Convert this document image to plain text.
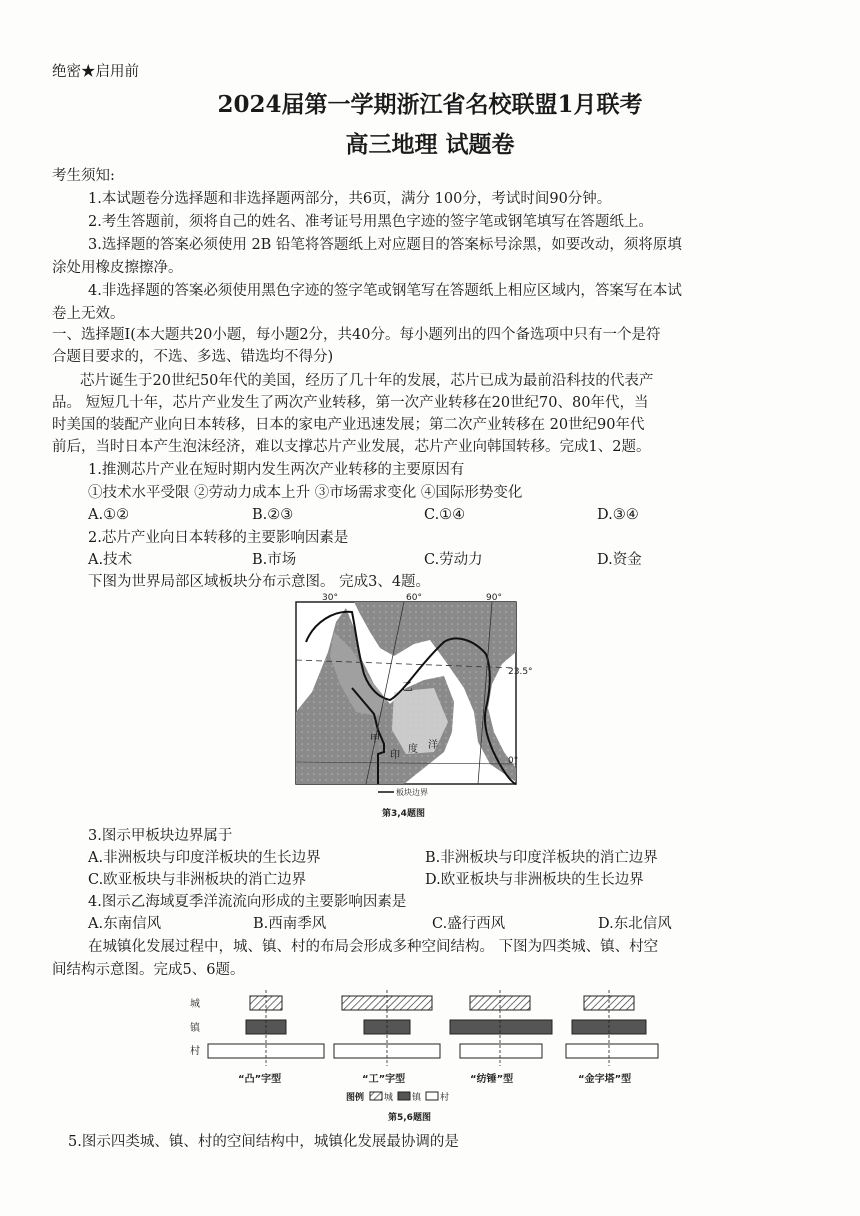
绝密★启用前
2024届第一学期浙江省名校联盟1月联考
高三地理 试题卷
考生须知:
1.本试题卷分选择题和非选择题两部分，共6页，满分 100分，考试时间90分钟。
2.考生答题前，须将自己的姓名、准考证号用黑色字迹的签字笔或钢笔填写在答题纸上。
3.选择题的答案必须使用 2B 铅笔将答题纸上对应题目的答案标号涂黑，如要改动，须将原填
涂处用橡皮擦擦净。
4.非选择题的答案必须使用黑色字迹的签字笔或钢笔写在答题纸上相应区域内，答案写在本试
卷上无效。
一、选择题Ⅰ(本大题共20小题，每小题2分，共40分。每小题列出的四个备选项中只有一个是符
合题目要求的，不选、多选、错选均不得分)
芯片诞生于20世纪50年代的美国，经历了几十年的发展，芯片已成为最前沿科技的代表产
品。 短短几十年，芯片产业发生了两次产业转移，第一次产业转移在20世纪70、80年代，当
时美国的装配产业向日本转移，日本的家电产业迅速发展；第二次产业转移在 20世纪90年代
前后，当时日本产生泡沫经济，难以支撑芯片产业发展，芯片产业向韩国转移。完成1、2题。
1.推测芯片产业在短时期内发生两次产业转移的主要原因有
①技术水平受限 ②劳动力成本上升 ③市场需求变化 ④国际形势变化
A.①②	B.②③	C.①④	D.③④
2.芯片产业向日本转移的主要影响因素是
A.技术	B.市场	C.劳动力	D.资金
下图为世界局部区域板块分布示意图。 完成3、4题。
30°	60°	90°
23.5°
0°
乙
甲
印
度 洋
板块边界
第3,4题图
3.图示甲板块边界属于
A.非洲板块与印度洋板块的生长边界	B.非洲板块与印度洋板块的消亡边界
C.欧亚板块与非洲板块的消亡边界	D.欧亚板块与非洲板块的生长边界
4.图示乙海域夏季洋流流向形成的主要影响因素是
A.东南信风	B.西南季风	C.盛行西风	D.东北信风
在城镇化发展过程中，城、镇、村的布局会形成多种空间结构。 下图为四类城、镇、村空
间结构示意图。完成5、6题。
城
镇
村
“凸”字型	“工”字型	“纺锤”型	“金字塔”型
图例 城 镇 村
第5,6题图
5.图示四类城、镇、村的空间结构中，城镇化发展最协调的是
